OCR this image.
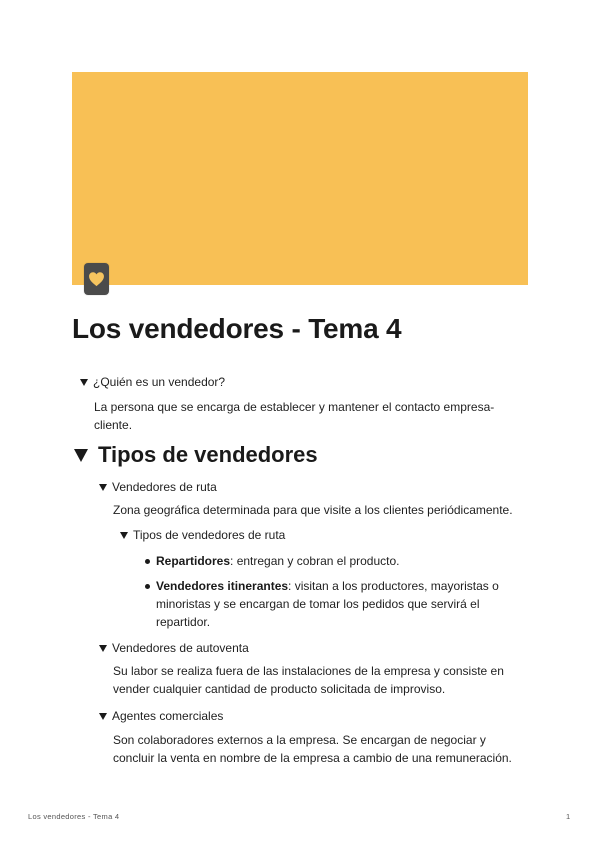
Los vendedores - Tema 4
¿Quién es un vendedor?

La persona que se encarga de establecer y mantener el contacto empresa-cliente.

Tipos de vendedores
Vendedores de ruta

Zona geográfica determinada para que visite a los clientes periódicamente.

Tipos de vendedores de ruta

Repartidores: entregan y cobran el producto.

Vendedores itinerantes: visitan a los productores, mayoristas o minoristas y se encargan de tomar los pedidos que servirá el repartidor.

Vendedores de autoventa

Su labor se realiza fuera de las instalaciones de la empresa y consiste en vender cualquier cantidad de producto solicitada de improviso.

Agentes comerciales

Son colaboradores externos a la empresa. Se encargan de negociar y concluir la venta en nombre de la empresa a cambio de una remuneración.

Los vendedores - Tema 4	1
